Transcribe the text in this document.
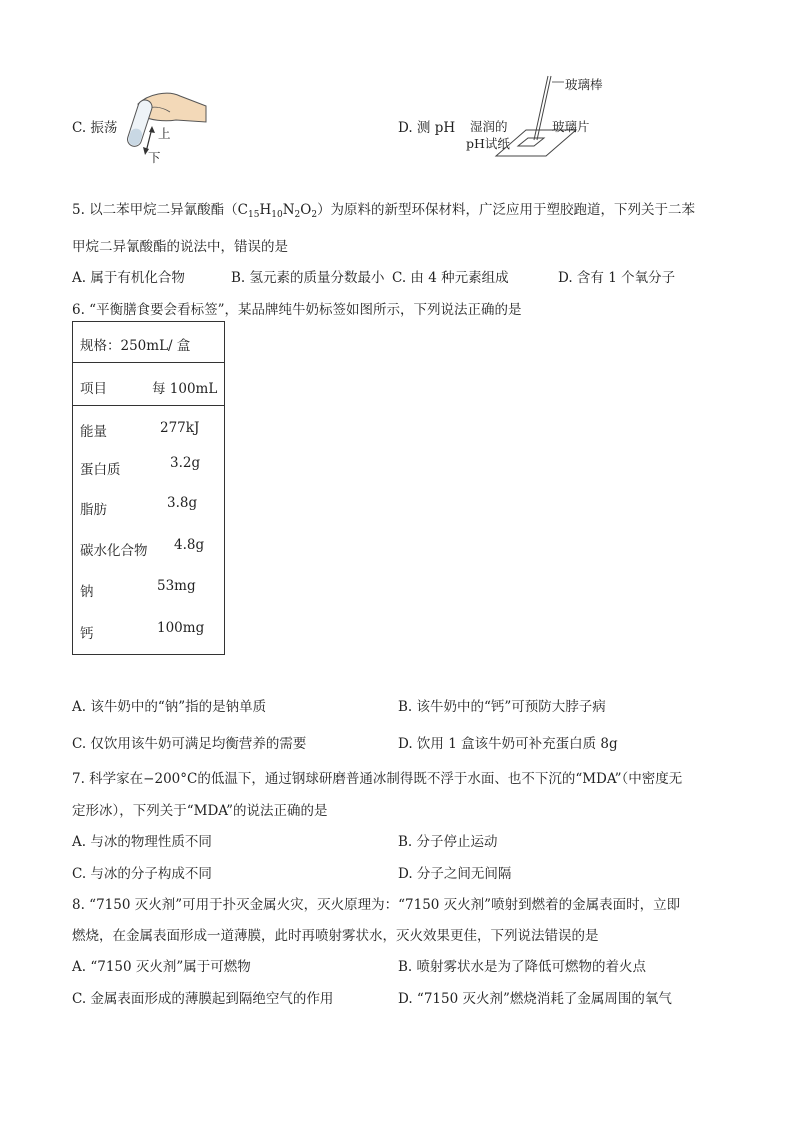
C. 振荡	上
下
D. 测 pH
玻璃棒
湿润的
pH试纸
玻璃片
5. 以二苯甲烷二异氰酸酯$(C_{15}H_{10}N_2O_2)$为原料的新型环保材料，广泛应用于塑胶跑道，下列关于二苯
甲烷二异氰酸酯的说法中，错误的是
A. 属于有机化合物	B. 氢元素的质量分数最小 C. 由 4 种元素组成	D. 含有 1 个氧分子
6. “平衡膳食要会看标签”，某品牌纯牛奶标签如图所示，下列说法正确的是
规格：250mL/ 盒
项目	每 100mL
能量	277kJ
蛋白质	3.2g
脂肪	3.8g
碳水化合物 4.8g
钠	53mg
钙	100mg
A. 该牛奶中的“钠”指的是钠单质	B. 该牛奶中的“钙”可预防大脖子病
C. 仅饮用该牛奶可满足均衡营养的需要	D. 饮用 1 盒该牛奶可补充蛋白质 8g
7. 科学家在−200°C的低温下，通过钢球研磨普通冰制得既不浮于水面、也不下沉的“MDA”（中密度无
定形冰），下列关于“MDA”的说法正确的是
A. 与冰的物理性质不同	B. 分子停止运动
C. 与冰的分子构成不同	D. 分子之间无间隔
8. “7150 灭火剂”可用于扑灭金属火灾，灭火原理为：“7150 灭火剂”喷射到燃着的金属表面时，立即
燃烧，在金属表面形成一道薄膜，此时再喷射雾状水，灭火效果更佳，下列说法错误的是
A. “7150 灭火剂”属于可燃物	B. 喷射雾状水是为了降低可燃物的着火点
C. 金属表面形成的薄膜起到隔绝空气的作用	D. “7150 灭火剂”燃烧消耗了金属周围的氧气
